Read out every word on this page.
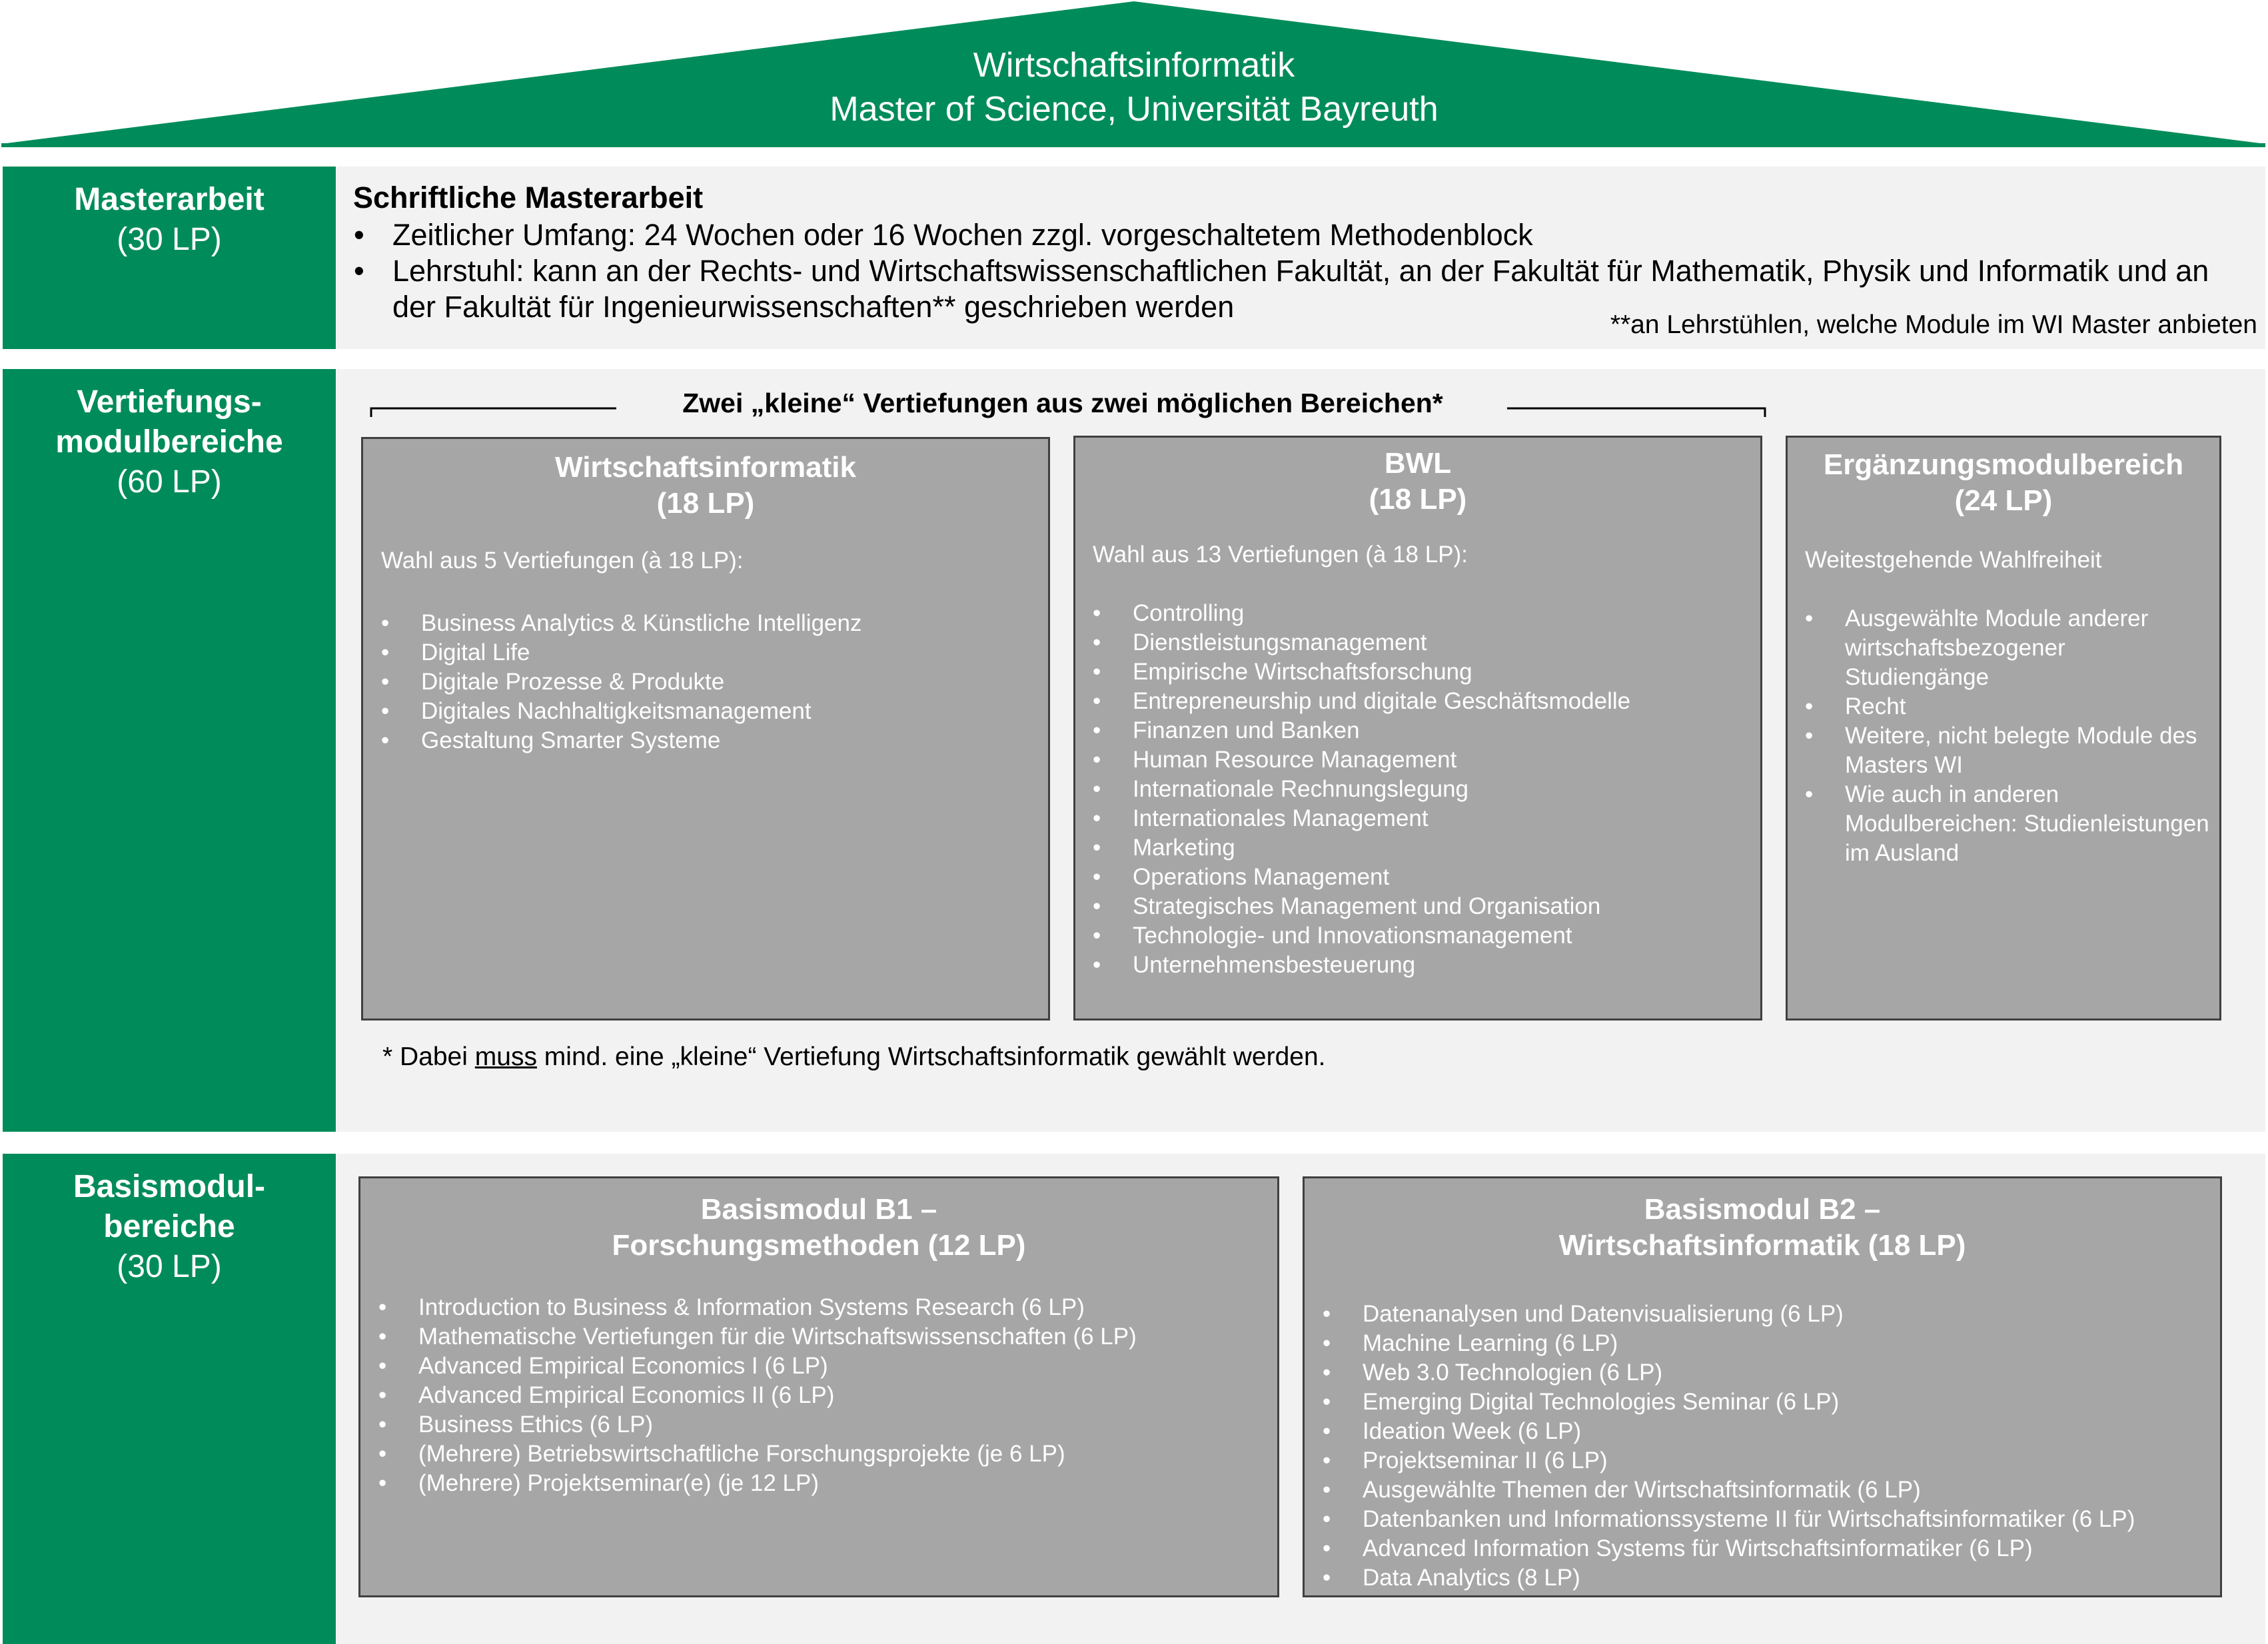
Wirtschaftsinformatik
Master of Science, Universität Bayreuth
Masterarbeit
(30 LP)
Schriftliche Masterarbeit
• Zeitlicher Umfang: 24 Wochen oder 16 Wochen zzgl. vorgeschaltetem Methodenblock
• Lehrstuhl: kann an der Rechts- und Wirtschaftswissenschaftlichen Fakultät, an der Fakultät für Mathematik, Physik und Informatik und an der Fakultät für Ingenieurwissenschaften** geschrieben werden
**an Lehrstühlen, welche Module im WI Master anbieten
Vertiefungs-
modulbereiche
(60 LP)
Zwei „kleine“ Vertiefungen aus zwei möglichen Bereichen*
Wirtschaftsinformatik
(18 LP)
Wahl aus 5 Vertiefungen (à 18 LP):
• Business Analytics & Künstliche Intelligenz
• Digital Life
• Digitale Prozesse & Produkte
• Digitales Nachhaltigkeitsmanagement
• Gestaltung Smarter Systeme
BWL
(18 LP)
Wahl aus 13 Vertiefungen (à 18 LP):
• Controlling
• Dienstleistungsmanagement
• Empirische Wirtschaftsforschung
• Entrepreneurship und digitale Geschäftsmodelle
• Finanzen und Banken
• Human Resource Management
• Internationale Rechnungslegung
• Internationales Management
• Marketing
• Operations Management
• Strategisches Management und Organisation
• Technologie- und Innovationsmanagement
• Unternehmensbesteuerung
Ergänzungsmodulbereich
(24 LP)
Weitestgehende Wahlfreiheit
• Ausgewählte Module anderer wirtschaftsbezogener Studiengänge
• Recht
• Weitere, nicht belegte Module des Masters WI
• Wie auch in anderen Modulbereichen: Studienleistungen im Ausland
* Dabei muss mind. eine „kleine“ Vertiefung Wirtschaftsinformatik gewählt werden.
Basismodul-
bereiche
(30 LP)
Basismodul B1 –
Forschungsmethoden (12 LP)
• Introduction to Business & Information Systems Research (6 LP)
• Mathematische Vertiefungen für die Wirtschaftswissenschaften (6 LP)
• Advanced Empirical Economics I (6 LP)
• Advanced Empirical Economics II (6 LP)
• Business Ethics (6 LP)
• (Mehrere) Betriebswirtschaftliche Forschungsprojekte (je 6 LP)
• (Mehrere) Projektseminar(e) (je 12 LP)
Basismodul B2 –
Wirtschaftsinformatik (18 LP)
• Datenanalysen und Datenvisualisierung (6 LP)
• Machine Learning (6 LP)
• Web 3.0 Technologien (6 LP)
• Emerging Digital Technologies Seminar (6 LP)
• Ideation Week (6 LP)
• Projektseminar II (6 LP)
• Ausgewählte Themen der Wirtschaftsinformatik (6 LP)
• Datenbanken und Informationssysteme II für Wirtschaftsinformatiker (6 LP)
• Advanced Information Systems für Wirtschaftsinformatiker (6 LP)
• Data Analytics (8 LP)
